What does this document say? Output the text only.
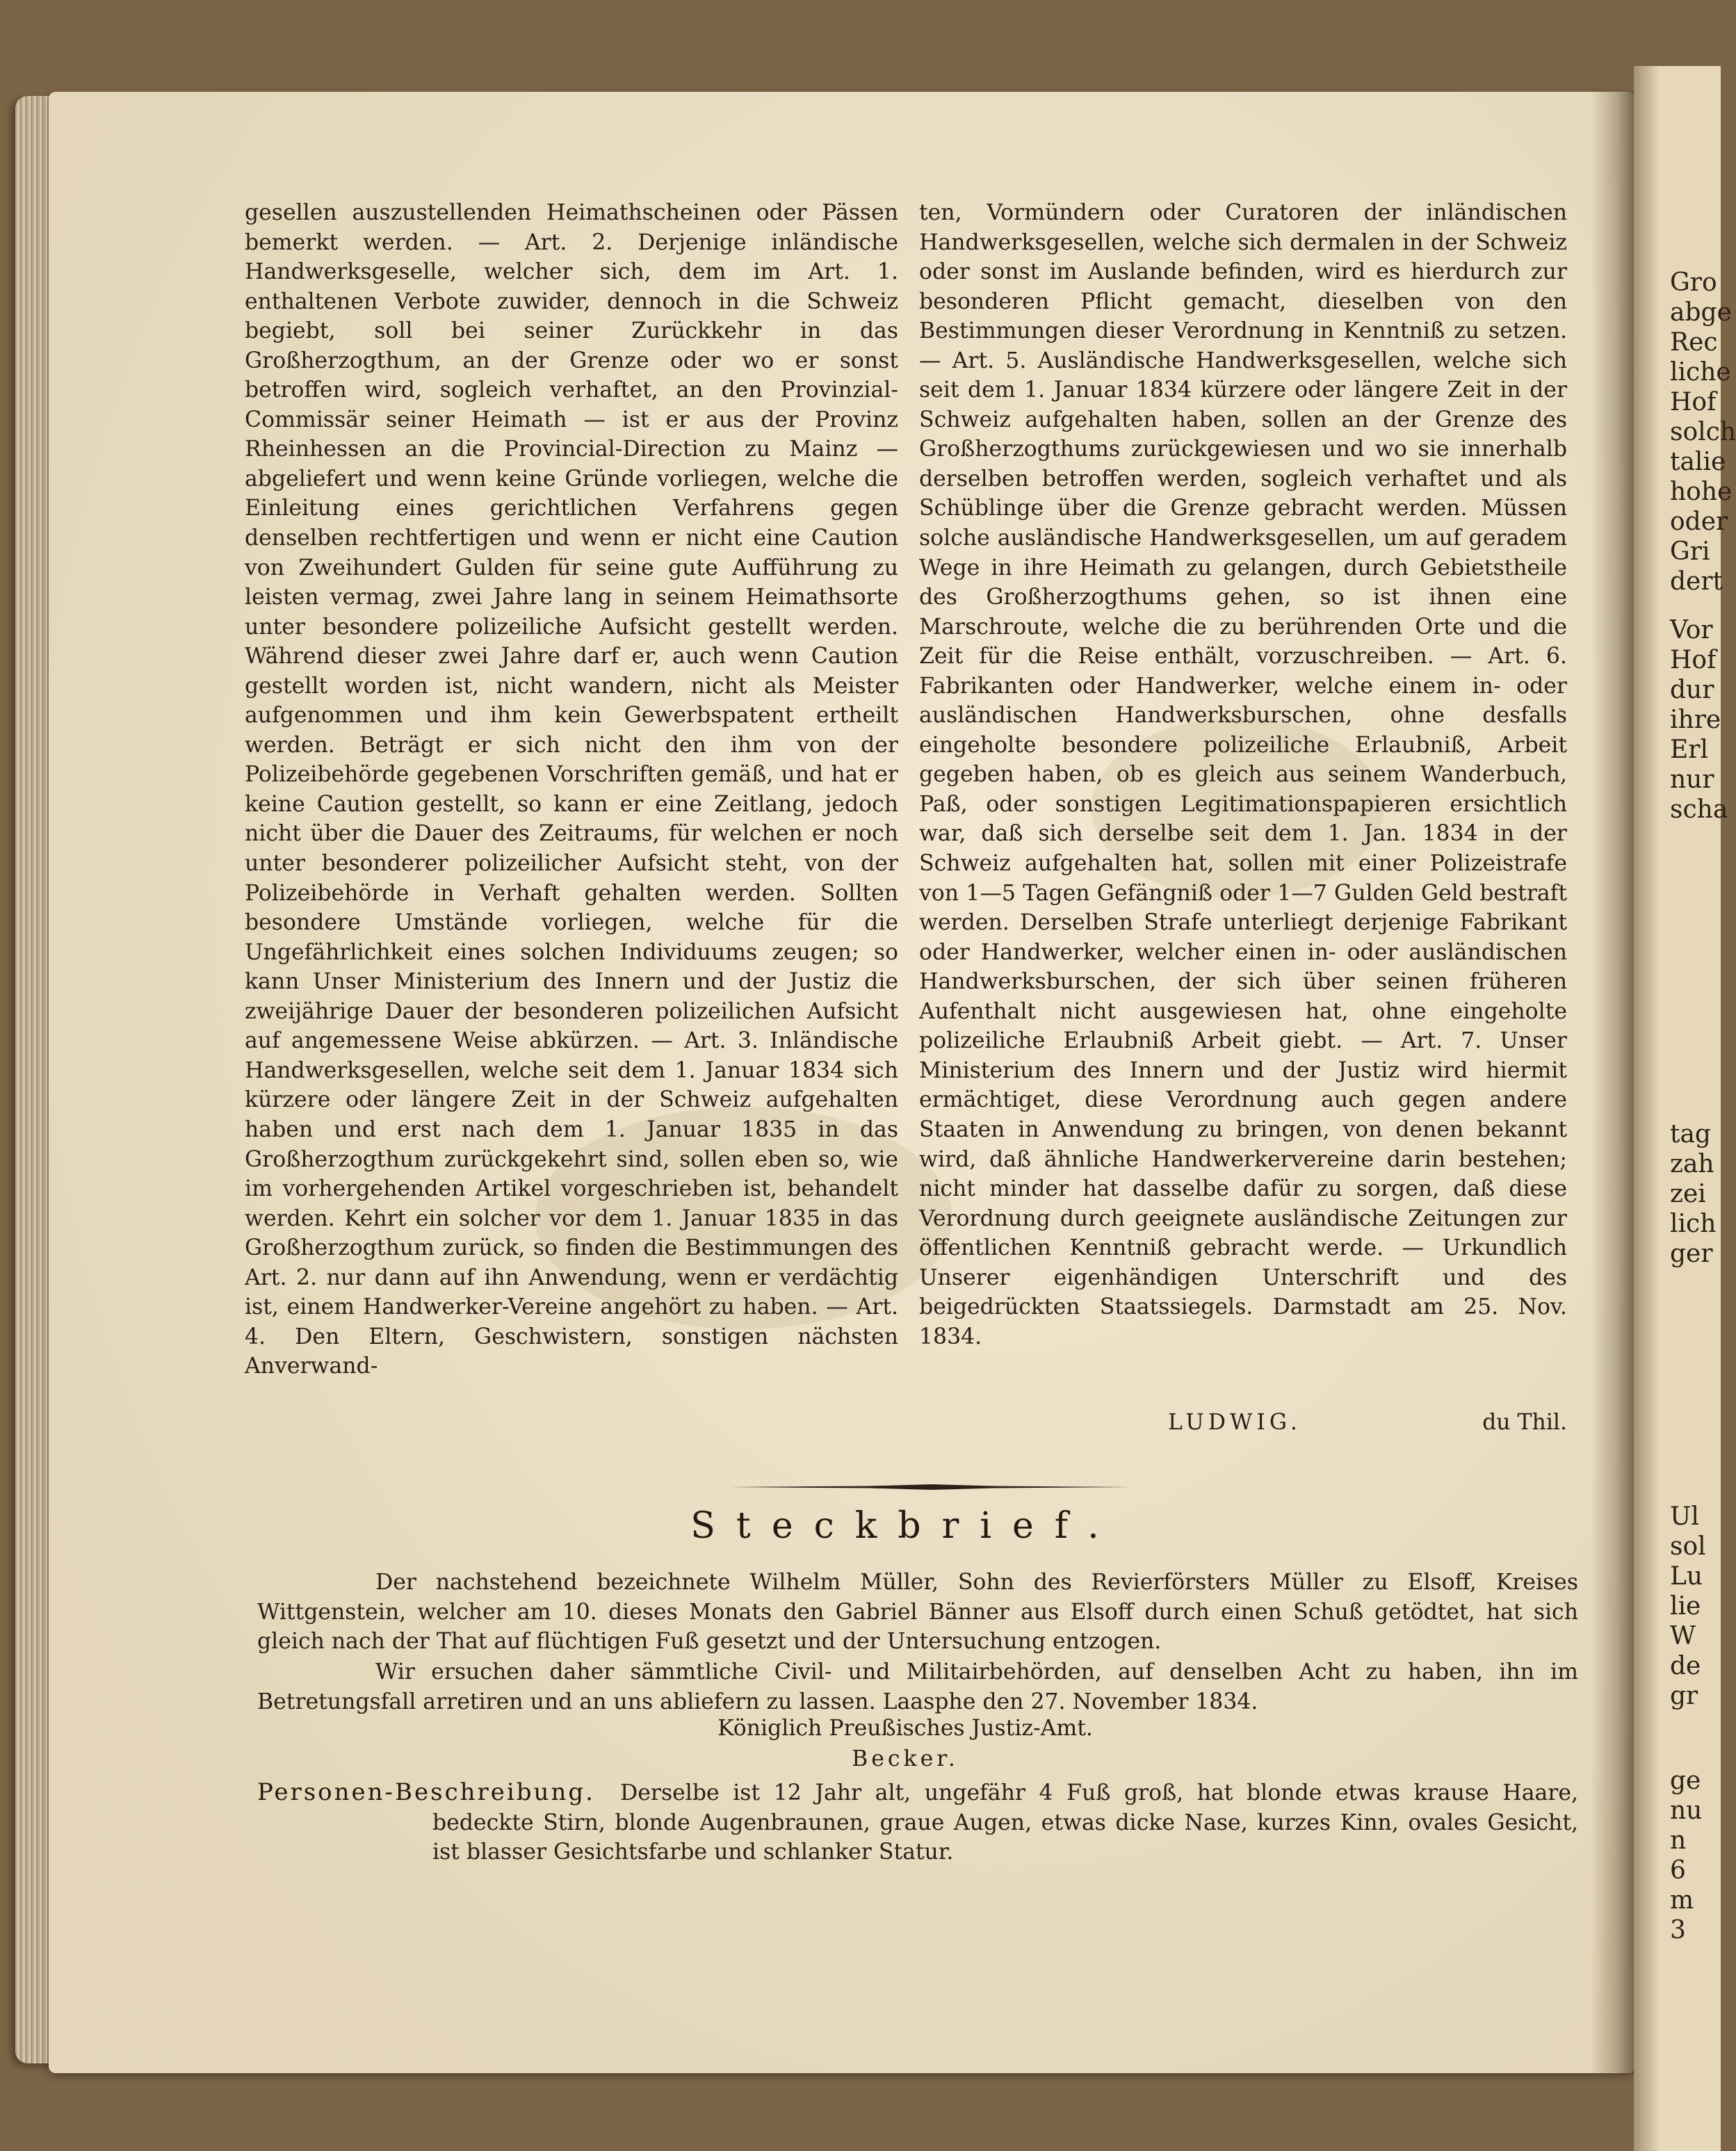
Gro
abge
Rec
liche
Hof
solch
talie
hohe
oder
Gri
dert
Vor
Hof
dur
ihre
Erl
nur
scha
tag
zah
zei
lich
ger
Ul
sol
Lu
lie
W
de
gr
ge
nu
n
6
m
3

gesellen auszustellenden Heimathscheinen oder Pässen bemerkt werden. — Art. 2. Derjenige inländische Handwerksgeselle, welcher sich, dem im Art. 1. enthaltenen Verbote zuwider, dennoch in die Schweiz begiebt, soll bei seiner Zurückkehr in das Großherzogthum, an der Grenze oder wo er sonst betroffen wird, sogleich verhaftet, an den Provinzial-Commissär seiner Heimath — ist er aus der Provinz Rheinhessen an die Provincial-Direction zu Mainz — abgeliefert und wenn keine Gründe vorliegen, welche die Einleitung eines gerichtlichen Verfahrens gegen denselben rechtfertigen und wenn er nicht eine Caution von Zweihundert Gulden für seine gute Aufführung zu leisten vermag, zwei Jahre lang in seinem Heimathsorte unter besondere polizeiliche Aufsicht gestellt werden. Während dieser zwei Jahre darf er, auch wenn Caution gestellt worden ist, nicht wandern, nicht als Meister aufgenommen und ihm kein Gewerbspatent ertheilt werden. Beträgt er sich nicht den ihm von der Polizeibehörde gegebenen Vorschriften gemäß, und hat er keine Caution gestellt, so kann er eine Zeitlang, jedoch nicht über die Dauer des Zeitraums, für welchen er noch unter besonderer polizeilicher Aufsicht steht, von der Polizeibehörde in Verhaft gehalten werden. Sollten besondere Umstände vorliegen, welche für die Ungefährlichkeit eines solchen Individuums zeugen; so kann Unser Ministerium des Innern und der Justiz die zweijährige Dauer der besonderen polizeilichen Aufsicht auf angemessene Weise abkürzen. — Art. 3. Inländische Handwerksgesellen, welche seit dem 1. Januar 1834 sich kürzere oder längere Zeit in der Schweiz aufgehalten haben und erst nach dem 1. Januar 1835 in das Großherzogthum zurückgekehrt sind, sollen eben so, wie im vorhergehenden Artikel vorgeschrieben ist, behandelt werden. Kehrt ein solcher vor dem 1. Januar 1835 in das Großherzogthum zurück, so finden die Bestimmungen des Art. 2. nur dann auf ihn Anwendung, wenn er verdächtig ist, einem Handwerker-Vereine angehört zu haben. — Art. 4. Den Eltern, Geschwistern, sonstigen nächsten Anverwand-

ten, Vormündern oder Curatoren der inländischen Handwerksgesellen, welche sich dermalen in der Schweiz oder sonst im Auslande befinden, wird es hierdurch zur besonderen Pflicht gemacht, dieselben von den Bestimmungen dieser Verordnung in Kenntniß zu setzen. — Art. 5. Ausländische Handwerksgesellen, welche sich seit dem 1. Januar 1834 kürzere oder längere Zeit in der Schweiz aufgehalten haben, sollen an der Grenze des Großherzogthums zurückgewiesen und wo sie innerhalb derselben betroffen werden, sogleich verhaftet und als Schüblinge über die Grenze gebracht werden. Müssen solche ausländische Handwerksgesellen, um auf geradem Wege in ihre Heimath zu gelangen, durch Gebietstheile des Großherzogthums gehen, so ist ihnen eine Marschroute, welche die zu berührenden Orte und die Zeit für die Reise enthält, vorzuschreiben. — Art. 6. Fabrikanten oder Handwerker, welche einem in- oder ausländischen Handwerksburschen, ohne desfalls eingeholte besondere polizeiliche Erlaubniß, Arbeit gegeben haben, ob es gleich aus seinem Wanderbuch, Paß, oder sonstigen Legitimationspapieren ersichtlich war, daß sich derselbe seit dem 1. Jan. 1834 in der Schweiz aufgehalten hat, sollen mit einer Polizeistrafe von 1—5 Tagen Gefängniß oder 1—7 Gulden Geld bestraft werden. Derselben Strafe unterliegt derjenige Fabrikant oder Handwerker, welcher einen in- oder ausländischen Handwerksburschen, der sich über seinen früheren Aufenthalt nicht ausgewiesen hat, ohne eingeholte polizeiliche Erlaubniß Arbeit giebt. — Art. 7. Unser Ministerium des Innern und der Justiz wird hiermit ermächtiget, diese Verordnung auch gegen andere Staaten in Anwendung zu bringen, von denen bekannt wird, daß ähnliche Handwerkervereine darin bestehen; nicht minder hat dasselbe dafür zu sorgen, daß diese Verordnung durch geeignete ausländische Zeitungen zur öffentlichen Kenntniß gebracht werde. — Urkundlich Unserer eigenhändigen Unterschrift und des beigedrückten Staatssiegels. Darmstadt am 25. Nov. 1834.

LUDWIG.	du Thil.
Steckbrief.

Der nachstehend bezeichnete Wilhelm Müller, Sohn des Revierförsters Müller zu Elsoff, Kreises Wittgenstein, welcher am 10. dieses Monats den Gabriel Bänner aus Elsoff durch einen Schuß getödtet, hat sich gleich nach der That auf flüchtigen Fuß gesetzt und der Untersuchung entzogen.

Wir ersuchen daher sämmtliche Civil- und Militairbehörden, auf denselben Acht zu haben, ihn im Betretungsfall arretiren und an uns abliefern zu lassen. Laasphe den 27. November 1834.

Königlich Preußisches Justiz-Amt.
Becker.
Personen-Beschreibung.	Derselbe ist 12 Jahr alt, ungefähr 4 Fuß groß, hat blonde etwas krause Haare, bedeckte Stirn, blonde Augenbraunen, graue Augen, etwas dicke Nase, kurzes Kinn, ovales Gesicht, ist blasser Gesichtsfarbe und schlanker Statur.
